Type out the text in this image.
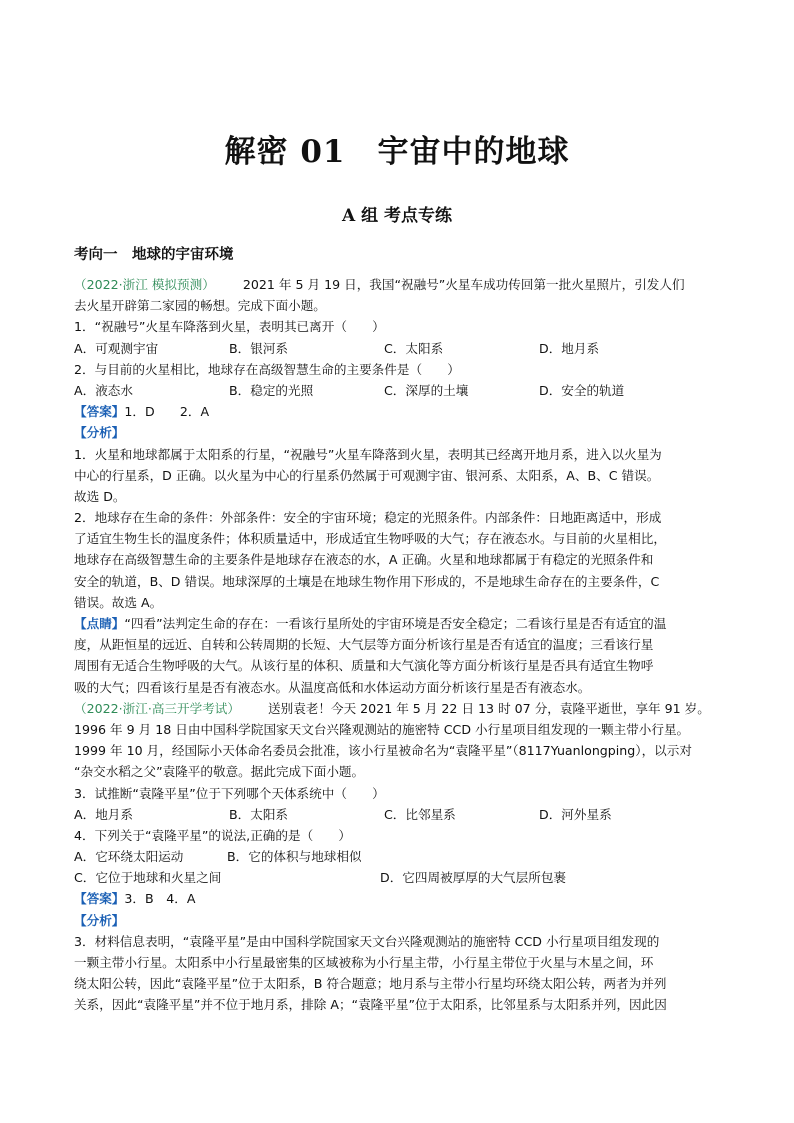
解密 01　宇宙中的地球
A 组 考点专练
考向一　地球的宇宙环境
（2022·浙江 模拟预测） 2021 年 5 月 19 日，我国“祝融号”火星车成功传回第一批火星照片，引发人们
去火星开辟第二家园的畅想。完成下面小题。
1．“祝融号”火星车降落到火星，表明其已离开（　　）
A．可观测宇宙	B．银河系	C．太阳系	D．地月系
2．与目前的火星相比，地球存在高级智慧生命的主要条件是（　　）
A．液态水	B．稳定的光照	C．深厚的土壤	D．安全的轨道
【答案】1．D　　2．A
【分析】
1．火星和地球都属于太阳系的行星，“祝融号”火星车降落到火星，表明其已经离开地月系，进入以火星为
中心的行星系，D 正确。以火星为中心的行星系仍然属于可观测宇宙、银河系、太阳系，A、B、C 错误。
故选 D。
2．地球存在生命的条件：外部条件：安全的宇宙环境；稳定的光照条件。内部条件：日地距离适中，形成
了适宜生物生长的温度条件；体积质量适中，形成适宜生物呼吸的大气；存在液态水。与目前的火星相比，
地球存在高级智慧生命的主要条件是地球存在液态的水，A 正确。火星和地球都属于有稳定的光照条件和
安全的轨道，B、D 错误。地球深厚的土壤是在地球生物作用下形成的，不是地球生命存在的主要条件，C
错误。故选 A。
【点睛】“四看”法判定生命的存在：一看该行星所处的宇宙环境是否安全稳定；二看该行星是否有适宜的温
度，从距恒星的远近、自转和公转周期的长短、大气层等方面分析该行星是否有适宜的温度；三看该行星
周围有无适合生物呼吸的大气。从该行星的体积、质量和大气演化等方面分析该行星是否具有适宜生物呼
吸的大气；四看该行星是否有液态水。从温度高低和水体运动方面分析该行星是否有液态水。
（2022·浙江·高三开学考试） 送别袁老！今天 2021 年 5 月 22 日 13 时 07 分，袁隆平逝世，享年 91 岁。
1996 年 9 月 18 日由中国科学院国家天文台兴隆观测站的施密特 CCD 小行星项目组发现的一颗主带小行星。
1999 年 10 月，经国际小天体命名委员会批准，该小行星被命名为“袁隆平星”（8117Yuanlongping），以示对
“杂交水稻之父”袁隆平的敬意。据此完成下面小题。
3．试推断“袁隆平星”位于下列哪个天体系统中（　　）
A．地月系	B．太阳系	C．比邻星系	D．河外星系
4．下列关于“袁隆平星”的说法,正确的是（　　）
A．它环绕太阳运动	B．它的体积与地球相似
C．它位于地球和火星之间	D．它四周被厚厚的大气层所包裹
【答案】3．B　4．A
【分析】
3．材料信息表明，“袁隆平星”是由中国科学院国家天文台兴隆观测站的施密特 CCD 小行星项目组发现的
一颗主带小行星。太阳系中小行星最密集的区域被称为小行星主带，小行星主带位于火星与木星之间，环
绕太阳公转，因此“袁隆平星”位于太阳系，B 符合题意；地月系与主带小行星均环绕太阳公转，两者为并列
关系，因此“袁隆平星”并不位于地月系，排除 A；“袁隆平星”位于太阳系，比邻星系与太阳系并列，因此因
